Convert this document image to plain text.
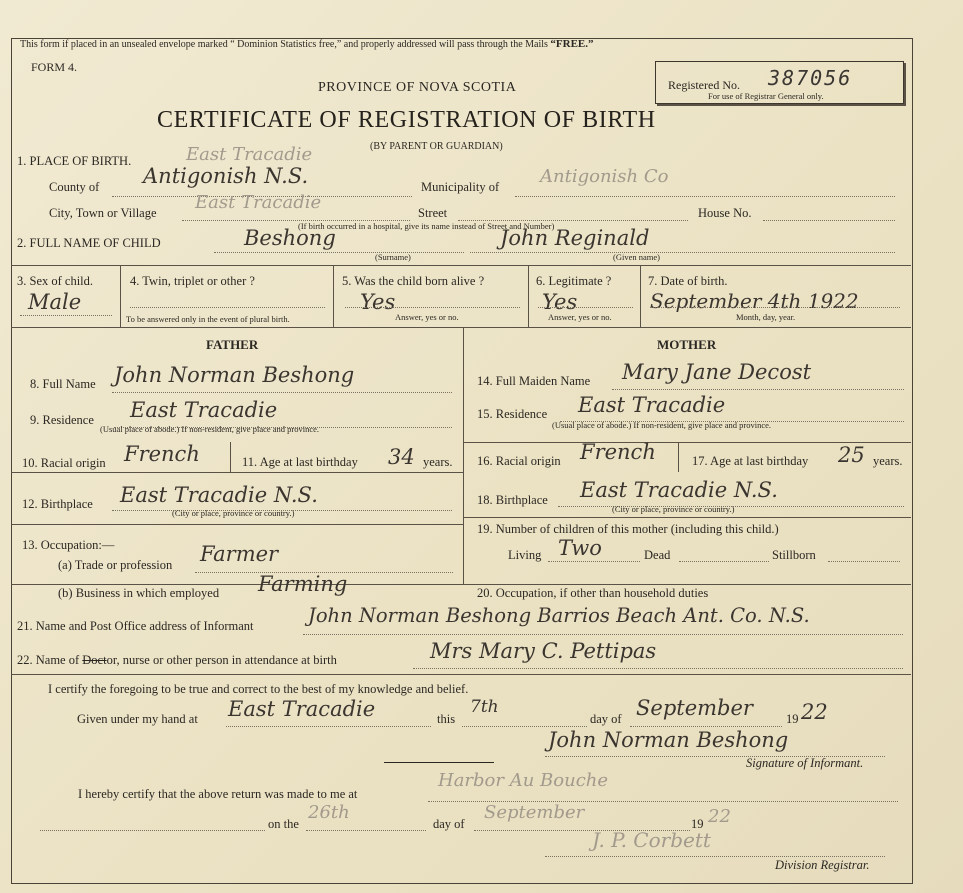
This form if placed in an unsealed envelope marked “ Dominion Statistics free,” and properly addressed will pass through the Mails “FREE.”
FORM 4.
PROVINCE OF NOVA SCOTIA
CERTIFICATE OF REGISTRATION OF BIRTH
(BY PARENT OR GUARDIAN)
Registered No. 387056
For use of Registrar General only.
1. PLACE OF BIRTH.	East Tracadie
County of Antigonish N.S.	Municipality of Antigonish Co
City, Town or Village East Tracadie	Street	House No.
(If birth occurred in a hospital, give its name instead of Street and Number)
2. FULL NAME OF CHILD	Beshong	John Reginald
(Surname)	(Given name)
3. Sex of child.
Male
4. Twin, triplet or other ?
To be answered only in the event of plural birth.
5. Was the child born alive ?
Yes
Answer, yes or no.
6. Legitimate ?
Yes
Answer, yes or no.
7. Date of birth.
September 4th 1922
Month, day, year.
FATHER	MOTHER
8. Full Name John Norman Beshong
9. Residence East Tracadie
(Usual place of abode.) If non-resident, give place and province.
10. Racial origin French	11. Age at last birthday 34 years.
12. Birthplace East Tracadie N.S.
(City or place, province or country.)
13. Occupation:—
(a) Trade or profession Farmer
(b) Business in which employed Farming
14. Full Maiden Name Mary Jane Decost
15. Residence East Tracadie
(Usual place of abode.) If non-resident, give place and province.
16. Racial origin French	17. Age at last birthday 25 years.
18. Birthplace East Tracadie N.S.
(City or place, province or country.)
19. Number of children of this mother (including this child.)
Living Two	Dead	Stillborn
20. Occupation, if other than household duties
21. Name and Post Office address of Informant	John Norman Beshong Barrios Beach Ant. Co. N.S.
22. Name of Doctor, nurse or other person in attendance at birth	Mrs Mary C. Pettipas
I certify the foregoing to be true and correct to the best of my knowledge and belief.
Given under my hand at East Tracadie	this
7th
day of September	19 22
John Norman Beshong
Signature of Informant.
I hereby certify that the above return was made to me at
Harbor Au Bouche
on the
26th
day of
September
19 22
J. P. Corbett
Division Registrar.
